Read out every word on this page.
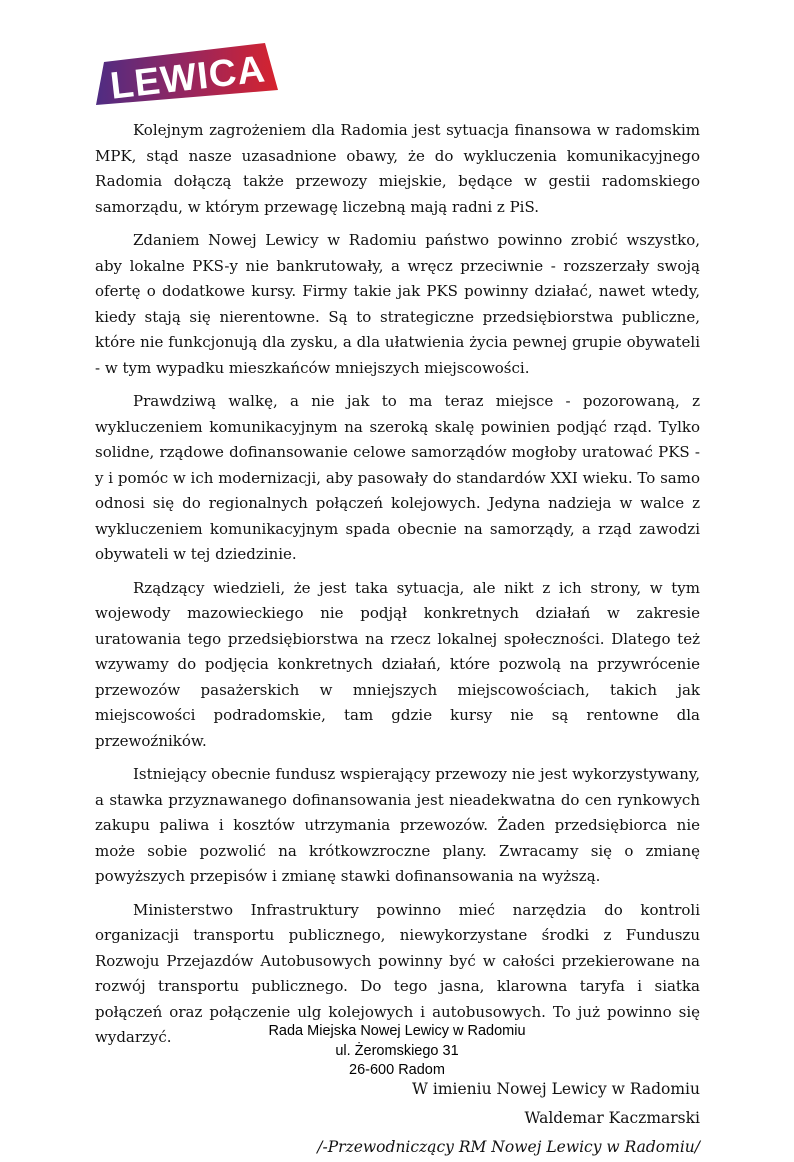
LEWICA

Kolejnym zagrożeniem dla Radomia jest sytuacja finansowa w radomskim MPK, stąd nasze uzasadnione obawy, że do wykluczenia komunikacyjnego Radomia dołączą także przewozy miejskie, będące w gestii radomskiego samorządu, w którym przewagę liczebną mają radni z PiS.

Zdaniem Nowej Lewicy w Radomiu państwo powinno zrobić wszystko, aby lokalne PKS-y nie bankrutowały, a wręcz przeciwnie - rozszerzały swoją ofertę o dodatkowe kursy. Firmy takie jak PKS powinny działać, nawet wtedy, kiedy stają się nierentowne. Są to strategiczne przedsiębiorstwa publiczne, które nie funkcjonują dla zysku, a dla ułatwienia życia pewnej grupie obywateli - w tym wypadku mieszkańców mniejszych miejscowości.

Prawdziwą walkę, a nie jak to ma teraz miejsce - pozorowaną, z wykluczeniem komunikacyjnym na szeroką skalę powinien podjąć rząd. Tylko solidne, rządowe dofinansowanie celowe samorządów mogłoby uratować PKS -y i pomóc w ich modernizacji, aby pasowały do standardów XXI wieku. To samo odnosi się do regionalnych połączeń kolejowych. Jedyna nadzieja w walce z wykluczeniem komunikacyjnym spada obecnie na samorządy, a rząd zawodzi obywateli w tej dziedzinie.

Rządzący wiedzieli, że jest taka sytuacja, ale nikt z ich strony, w tym wojewody mazowieckiego nie podjął konkretnych działań w zakresie uratowania tego przedsiębiorstwa na rzecz lokalnej społeczności. Dlatego też wzywamy do podjęcia konkretnych działań, które pozwolą na przywrócenie przewozów pasażerskich w mniejszych miejscowościach, takich jak miejscowości podradomskie, tam gdzie kursy nie są rentowne dla przewoźników.

Istniejący obecnie fundusz wspierający przewozy nie jest wykorzystywany, a stawka przyznawanego dofinansowania jest nieadekwatna do cen rynkowych zakupu paliwa i kosztów utrzymania przewozów. Żaden przedsiębiorca nie może sobie pozwolić na krótkowzroczne plany. Zwracamy się o zmianę powyższych przepisów i zmianę stawki dofinansowania na wyższą.

Ministerstwo Infrastruktury powinno mieć narzędzia do kontroli organizacji transportu publicznego, niewykorzystane środki z Funduszu Rozwoju Przejazdów Autobusowych powinny być w całości przekierowane na rozwój transportu publicznego. Do tego jasna, klarowna taryfa i siatka połączeń oraz połączenie ulg kolejowych i autobusowych. To już powinno się wydarzyć.

W imieniu Nowej Lewicy w Radomiu

Waldemar Kaczmarski

/-Przewodniczący RM Nowej Lewicy w Radomiu/

Rada Miejska Nowej Lewicy w Radomiu
ul. Żeromskiego 31
26-600 Radom
